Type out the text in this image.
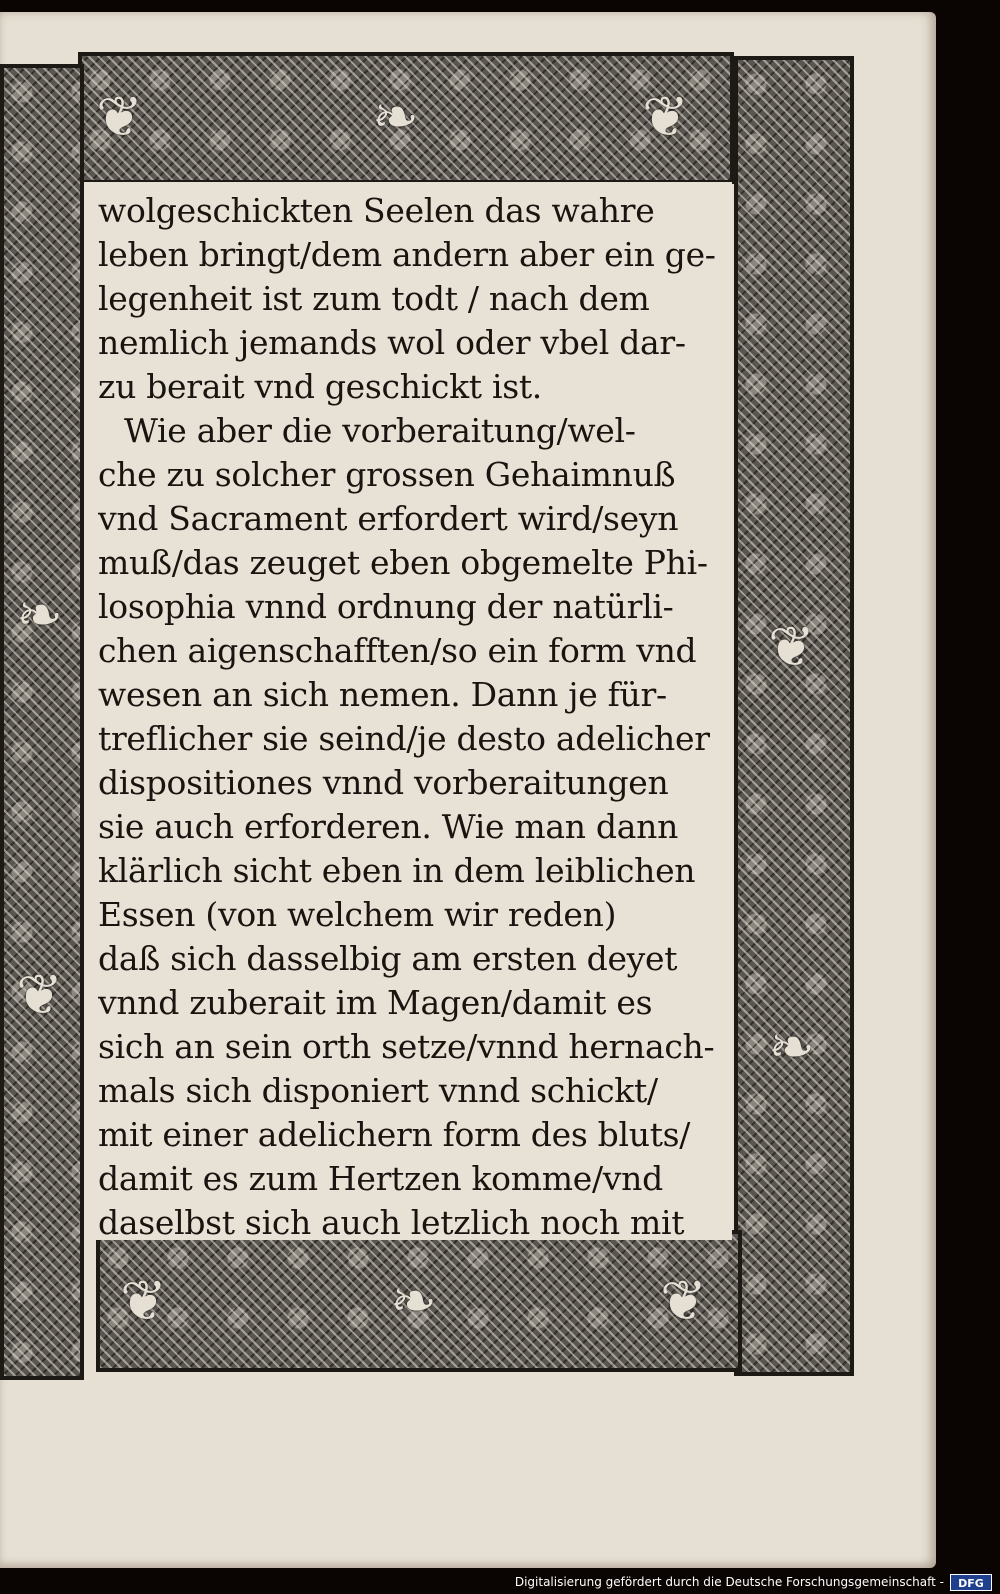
❦	❧	❦
❧
❦
❦
❧
❦	❧	❦
wolgeschickten Seelen das wahre
leben bringt/dem andern aber ein ge-
legenheit ist zum todt / nach dem
nemlich jemands wol oder vbel dar-
zu berait vnd geschickt ist.
Wie aber die vorberaitung/wel-
che zu solcher grossen Gehaimnuß
vnd Sacrament erfordert wird/seyn
muß/das zeuget eben obgemelte Phi-
losophia vnnd ordnung der natürli-
chen aigenschafften/so ein form vnd
wesen an sich nemen. Dann je für-
treflicher sie seind/je desto adelicher
dispositiones vnnd vorberaitungen
sie auch erforderen. Wie man dann
klärlich sicht eben in dem leiblichen
Essen (von welchem wir reden)
daß sich dasselbig am ersten deyet
vnnd zuberait im Magen/damit es
sich an sein orth setze/vnnd hernach-
mals sich disponiert vnnd schickt/
mit einer adelichern form des bluts/
damit es zum Hertzen komme/vnd
daselbst sich auch letzlich noch mit
Digitalisierung gefördert durch die Deutsche Forschungsgemeinschaft -	DFG
